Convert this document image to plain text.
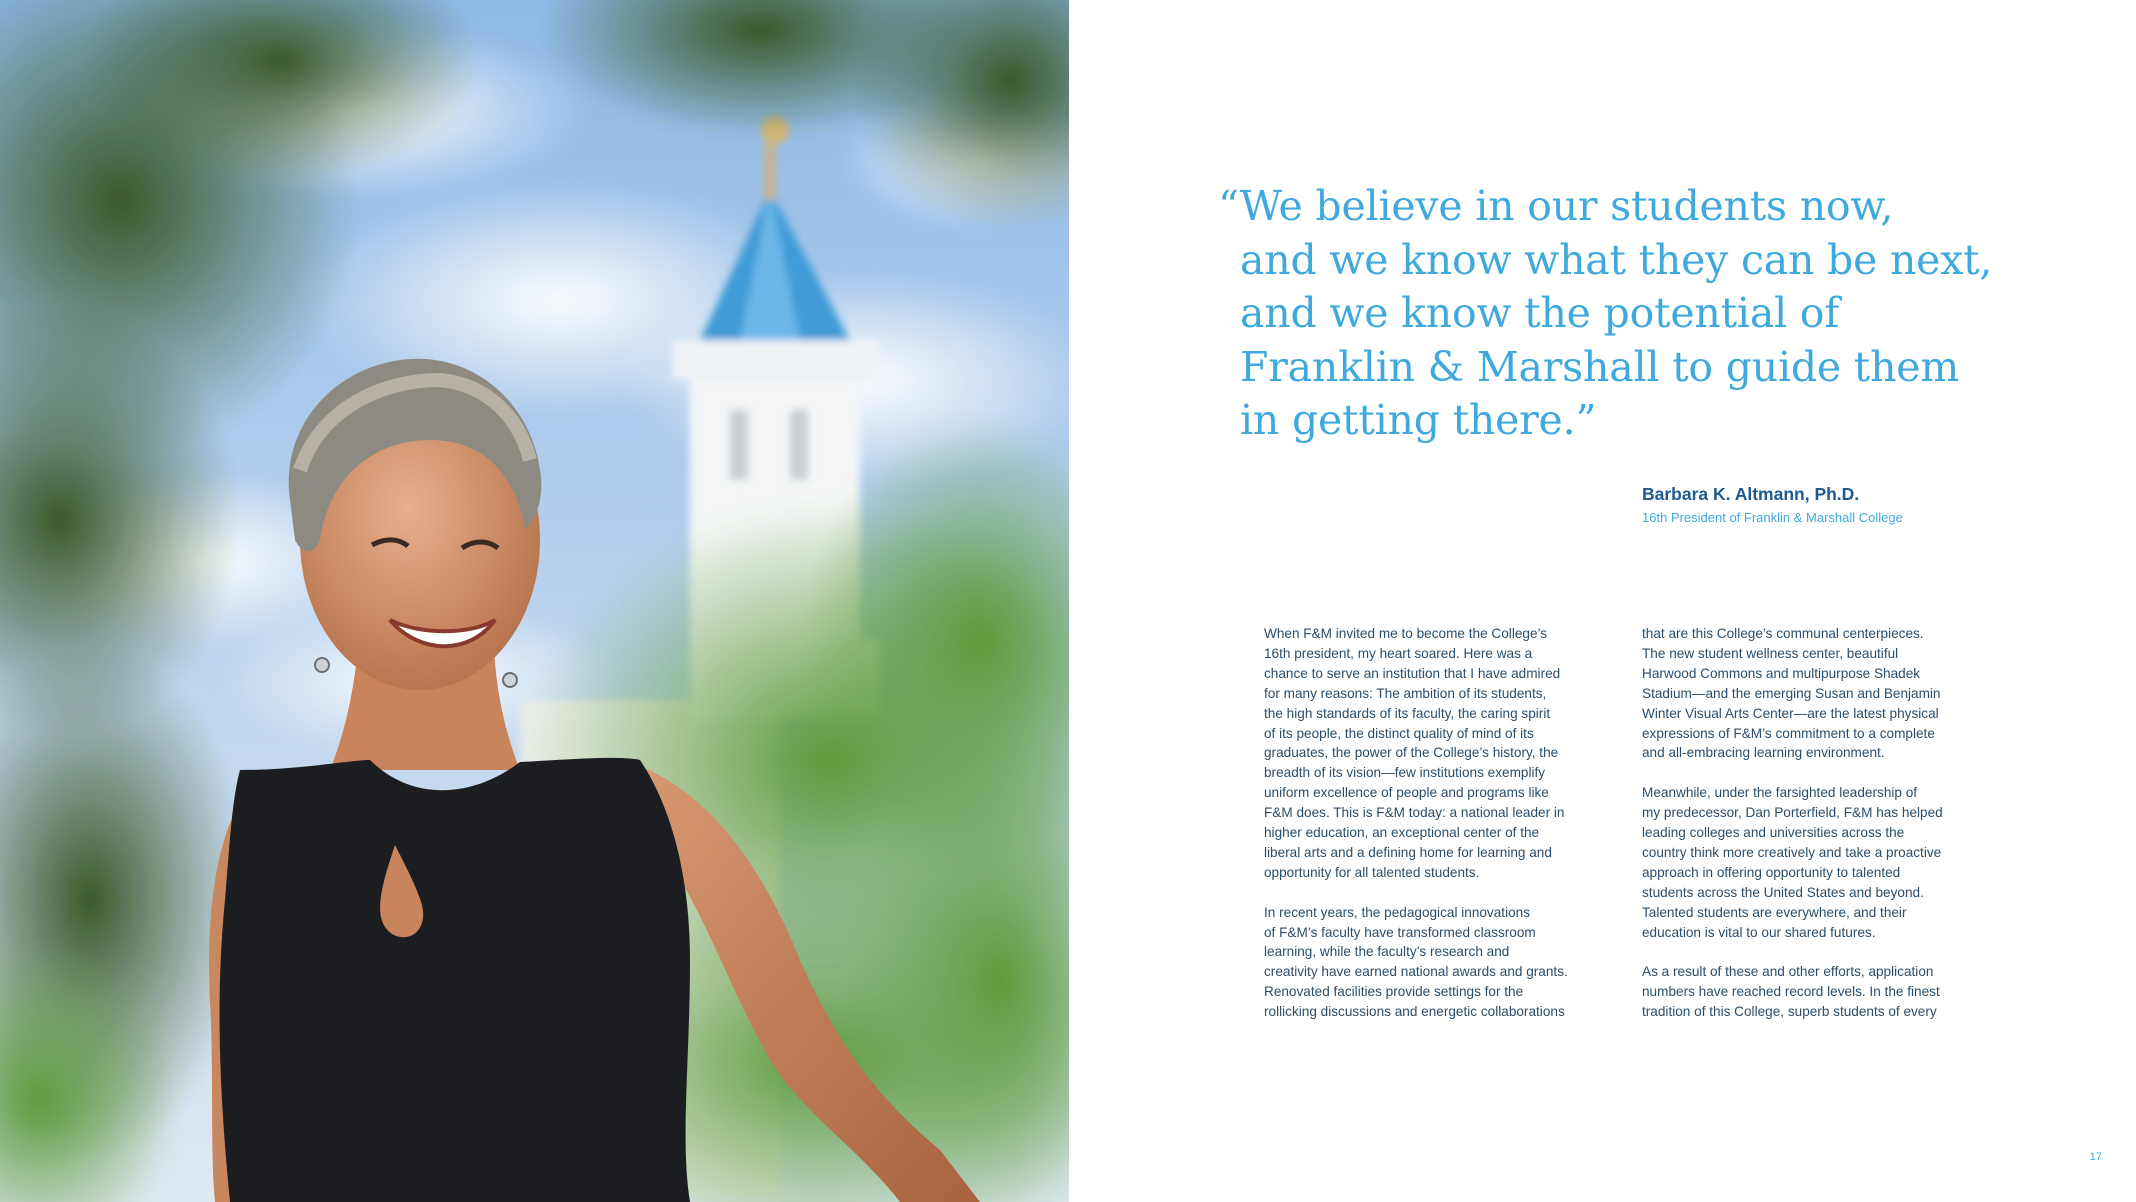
“We believe in our students now,
and we know what they can be next,
and we know the potential of
Franklin & Marshall to guide them
in getting there.”

Barbara K. Altmann, Ph.D.

16th President of Franklin & Marshall College

When F&M invited me to become the College’s
16th president, my heart soared. Here was a
chance to serve an institution that I have admired
for many reasons: The ambition of its students,
the high standards of its faculty, the caring spirit
of its people, the distinct quality of mind of its
graduates, the power of the College’s history, the
breadth of its vision—few institutions exemplify
uniform excellence of people and programs like
F&M does. This is F&M today: a national leader in
higher education, an exceptional center of the
liberal arts and a defining home for learning and
opportunity for all talented students.

In recent years, the pedagogical innovations
of F&M’s faculty have transformed classroom
learning, while the faculty’s research and
creativity have earned national awards and grants.
Renovated facilities provide settings for the
rollicking discussions and energetic collaborations

that are this College’s communal centerpieces.
The new student wellness center, beautiful
Harwood Commons and multipurpose Shadek
Stadium—and the emerging Susan and Benjamin
Winter Visual Arts Center—are the latest physical
expressions of F&M’s commitment to a complete
and all-embracing learning environment.

Meanwhile, under the farsighted leadership of
my predecessor, Dan Porterfield, F&M has helped
leading colleges and universities across the
country think more creatively and take a proactive
approach in offering opportunity to talented
students across the United States and beyond.
Talented students are everywhere, and their
education is vital to our shared futures.

As a result of these and other efforts, application
numbers have reached record levels. In the finest
tradition of this College, superb students of every

17
